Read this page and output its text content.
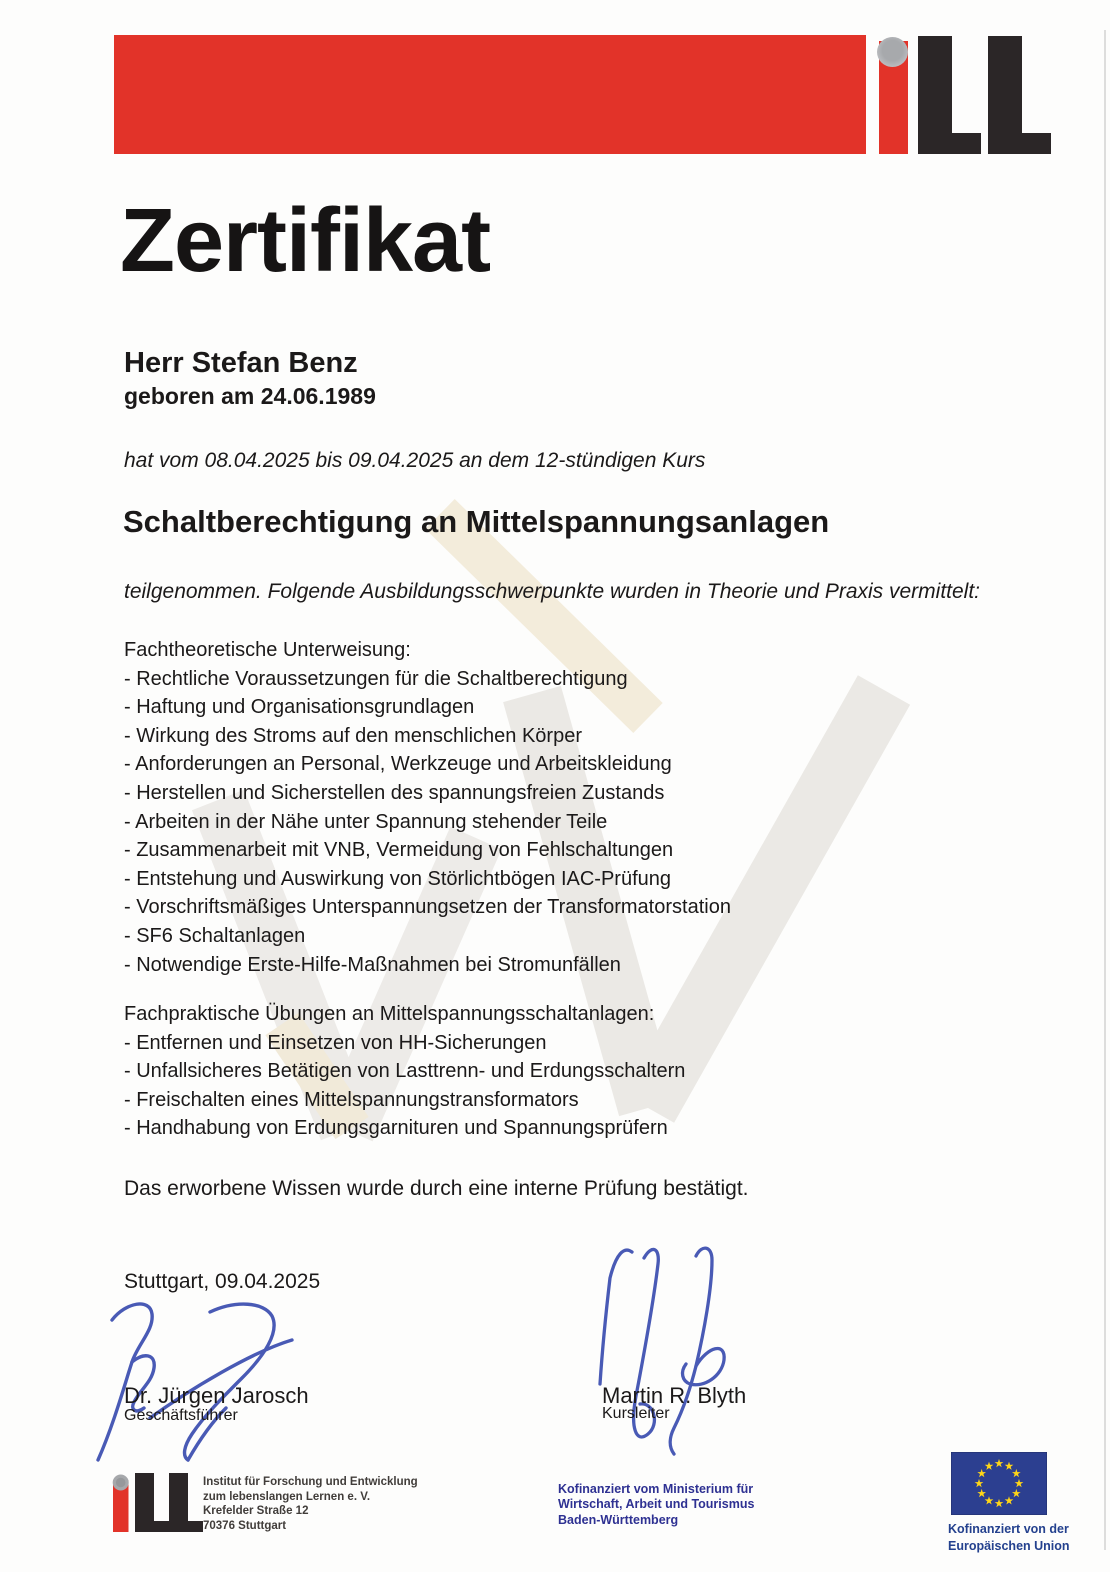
Zertifikat
Herr Stefan Benz
geboren am 24.06.1989
hat vom 08.04.2025 bis 09.04.2025 an dem 12-stündigen Kurs
Schaltberechtigung an Mittelspannungsanlagen
teilgenommen. Folgende Ausbildungsschwerpunkte wurden in Theorie und Praxis vermittelt:
Fachtheoretische Unterweisung:
- Rechtliche Voraussetzungen für die Schaltberechtigung
- Haftung und Organisationsgrundlagen
- Wirkung des Stroms auf den menschlichen Körper
- Anforderungen an Personal, Werkzeuge und Arbeitskleidung
- Herstellen und Sicherstellen des spannungsfreien Zustands
- Arbeiten in der Nähe unter Spannung stehender Teile
- Zusammenarbeit mit VNB, Vermeidung von Fehlschaltungen
- Entstehung und Auswirkung von Störlichtbögen IAC-Prüfung
- Vorschriftsmäßiges Unterspannungsetzen der Transformatorstation
- SF6 Schaltanlagen
- Notwendige Erste-Hilfe-Maßnahmen bei Stromunfällen
Fachpraktische Übungen an Mittelspannungsschaltanlagen:
- Entfernen und Einsetzen von HH-Sicherungen
- Unfallsicheres Betätigen von Lasttrenn- und Erdungsschaltern
- Freischalten eines Mittelspannungstransformators
- Handhabung von Erdungsgarnituren und Spannungsprüfern
Das erworbene Wissen wurde durch eine interne Prüfung bestätigt.
Stuttgart, 09.04.2025
Dr. Jürgen Jarosch
Geschäftsführer
Martin R. Blyth
Kursleiter
Institut für Forschung und Entwicklung
zum lebenslangen Lernen e. V.
Krefelder Straße 12
70376 Stuttgart
Kofinanziert vom Ministerium für
Wirtschaft, Arbeit und Tourismus
Baden-Württemberg
Kofinanziert von der
Europäischen Union
